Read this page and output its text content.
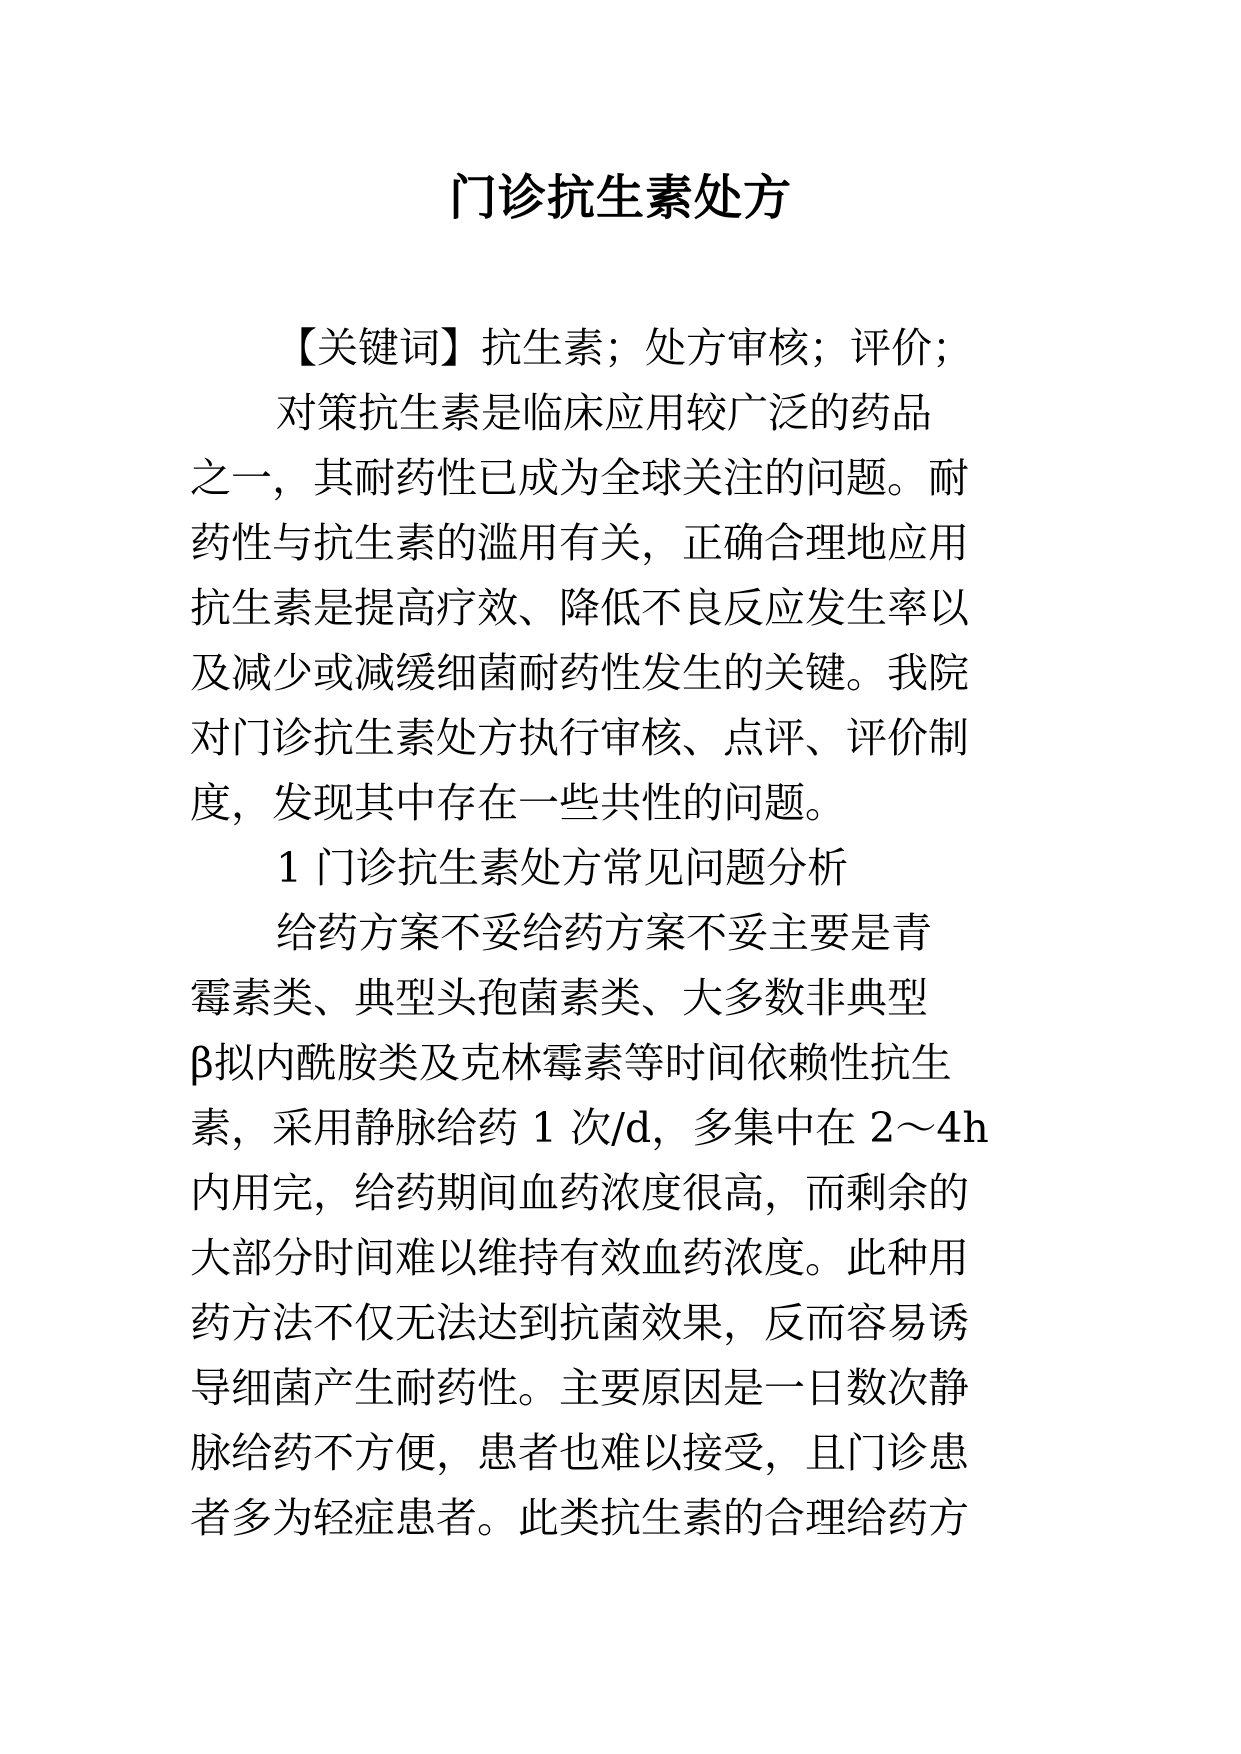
门诊抗生素处方
【关键词】抗生素；处方审核；评价；
对策抗生素是临床应用较广泛的药品
之一，其耐药性已成为全球关注的问题。耐
药性与抗生素的滥用有关，正确合理地应用
抗生素是提高疗效、降低不良反应发生率以
及减少或减缓细菌耐药性发生的关键。我院
对门诊抗生素处方执行审核、点评、评价制
度，发现其中存在一些共性的问题。
1 门诊抗生素处方常见问题分析
给药方案不妥给药方案不妥主要是青
霉素类、典型头孢菌素类、大多数非典型
β拟内酰胺类及克林霉素等时间依赖性抗生
素，采用静脉给药 1 次/d，多集中在 2～4h
内用完，给药期间血药浓度很高，而剩余的
大部分时间难以维持有效血药浓度。此种用
药方法不仅无法达到抗菌效果，反而容易诱
导细菌产生耐药性。主要原因是一日数次静
脉给药不方便，患者也难以接受，且门诊患
者多为轻症患者。此类抗生素的合理给药方
